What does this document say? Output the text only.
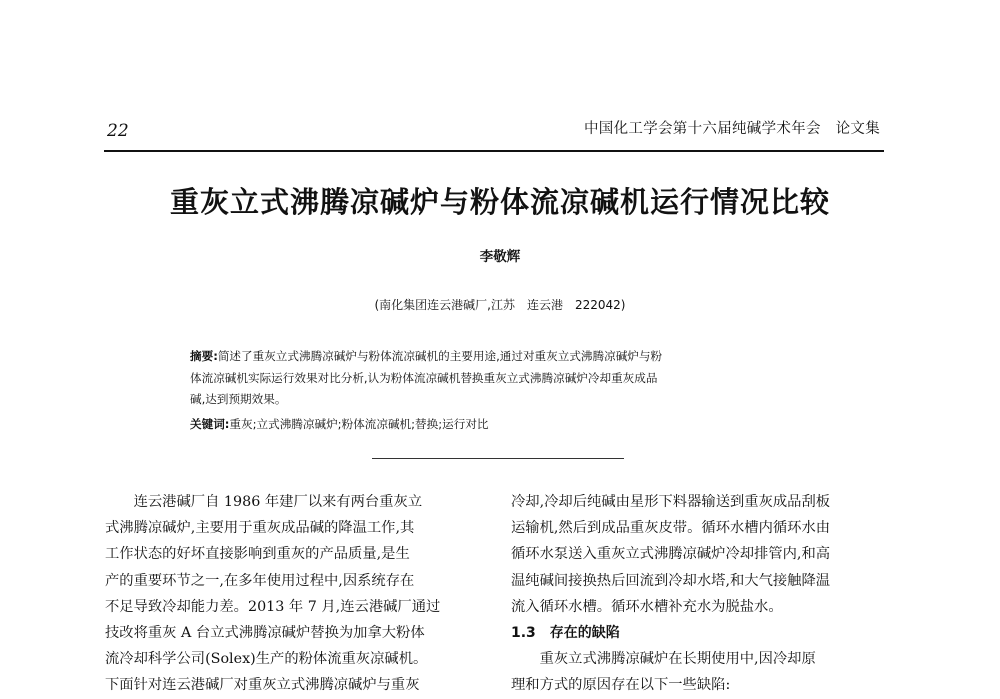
22	中国化工学会第十六届纯碱学术年会　论文集
重灰立式沸腾凉碱炉与粉体流凉碱机运行情况比较
李敬辉
(南化集团连云港碱厂,江苏　连云港　222042)
摘要:简述了重灰立式沸腾凉碱炉与粉体流凉碱机的主要用途,通过对重灰立式沸腾凉碱炉与粉
体流凉碱机实际运行效果对比分析,认为粉体流凉碱机替换重灰立式沸腾凉碱炉冷却重灰成品
碱,达到预期效果。
关键词:重灰;立式沸腾凉碱炉;粉体流凉碱机;替换;运行对比
　　连云港碱厂自 1986 年建厂以来有两台重灰立
式沸腾凉碱炉,主要用于重灰成品碱的降温工作,其
工作状态的好坏直接影响到重灰的产品质量,是生
产的重要环节之一,在多年使用过程中,因系统存在
不足导致冷却能力差。2013 年 7 月,连云港碱厂通过
技改将重灰 A 台立式沸腾凉碱炉替换为加拿大粉体
流冷却科学公司(Solex)生产的粉体流重灰凉碱机。
下面针对连云港碱厂对重灰立式沸腾凉碱炉与重灰
冷却,冷却后纯碱由星形下料器输送到重灰成品刮板
运输机,然后到成品重灰皮带。循环水槽内循环水由
循环水泵送入重灰立式沸腾凉碱炉冷却排管内,和高
温纯碱间接换热后回流到冷却水塔,和大气接触降温
流入循环水槽。循环水槽补充水为脱盐水。
1.3　存在的缺陷
　　重灰立式沸腾凉碱炉在长期使用中,因冷却原
理和方式的原因存在以下一些缺陷:
